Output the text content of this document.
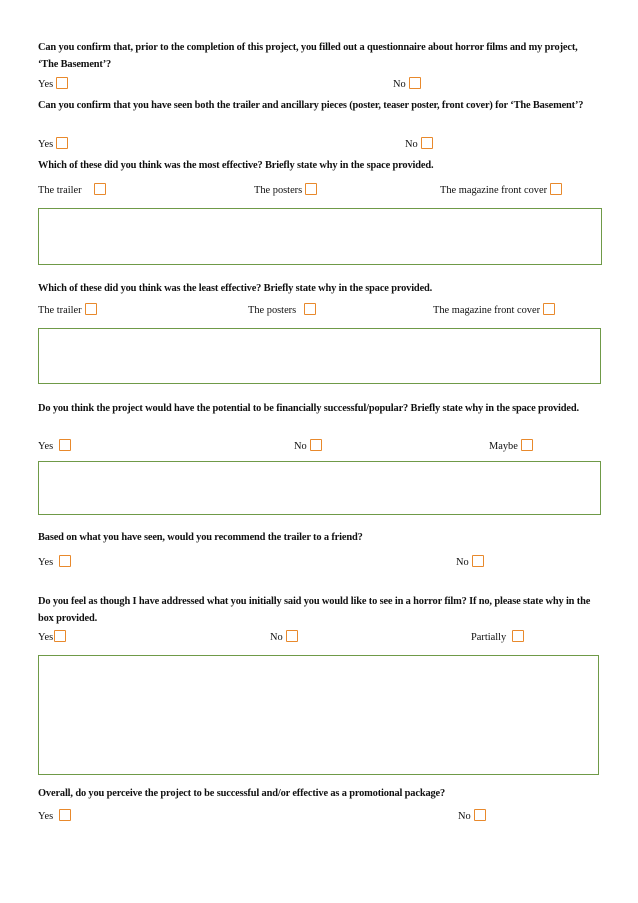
Can you confirm that, prior to the completion of this project, you filled out a questionnaire about horror films and my project, ‘The Basement’?
Yes	No
Can you confirm that you have seen both the trailer and ancillary pieces (poster, teaser poster, front cover) for ‘The Basement’?
Yes	No
Which of these did you think was the most effective? Briefly state why in the space provided.
The trailer	The posters	The magazine front cover
Which of these did you think was the least effective? Briefly state why in the space provided.
The trailer	The posters	The magazine front cover
Do you think the project would have the potential to be financially successful/popular? Briefly state why in the space provided.
Yes	No	Maybe
Based on what you have seen, would you recommend the trailer to a friend?
Yes	No
Do you feel as though I have addressed what you initially said you would like to see in a horror film? If no, please state why in the box provided.
Yes	No	Partially
Overall, do you perceive the project to be successful and/or effective as a promotional package?
Yes	No
